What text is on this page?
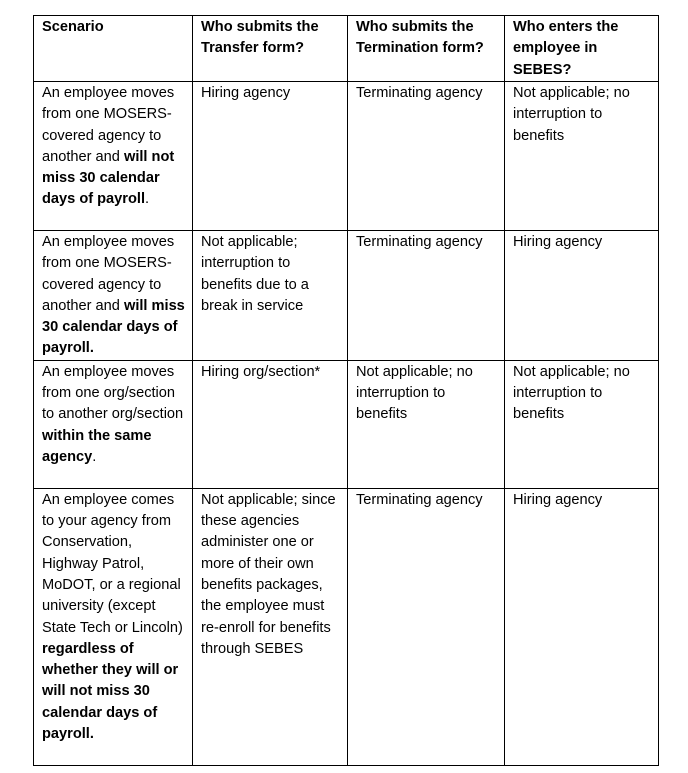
Scenario	Who submits the Transfer form?	Who submits the Termination form?	Who enters the employee in SEBES?
An employee moves from one MOSERS-covered agency to another and will not miss 30 calendar days of payroll.	Hiring agency	Terminating agency	Not applicable; no interruption to benefits
An employee moves from one MOSERS-covered agency to another and will miss 30 calendar days of payroll.	Not applicable; interruption to benefits due to a break in service	Terminating agency	Hiring agency
An employee moves from one org/section to another org/section within the same agency.	Hiring org/section*	Not applicable; no interruption to benefits	Not applicable; no interruption to benefits
An employee comes to your agency from Conservation, Highway Patrol, MoDOT, or a regional university (except State Tech or Lincoln) regardless of whether they will or will not miss 30 calendar days of payroll.	Not applicable; since these agencies administer one or more of their own benefits packages, the employee must re-enroll for benefits through SEBES	Terminating agency	Hiring agency
